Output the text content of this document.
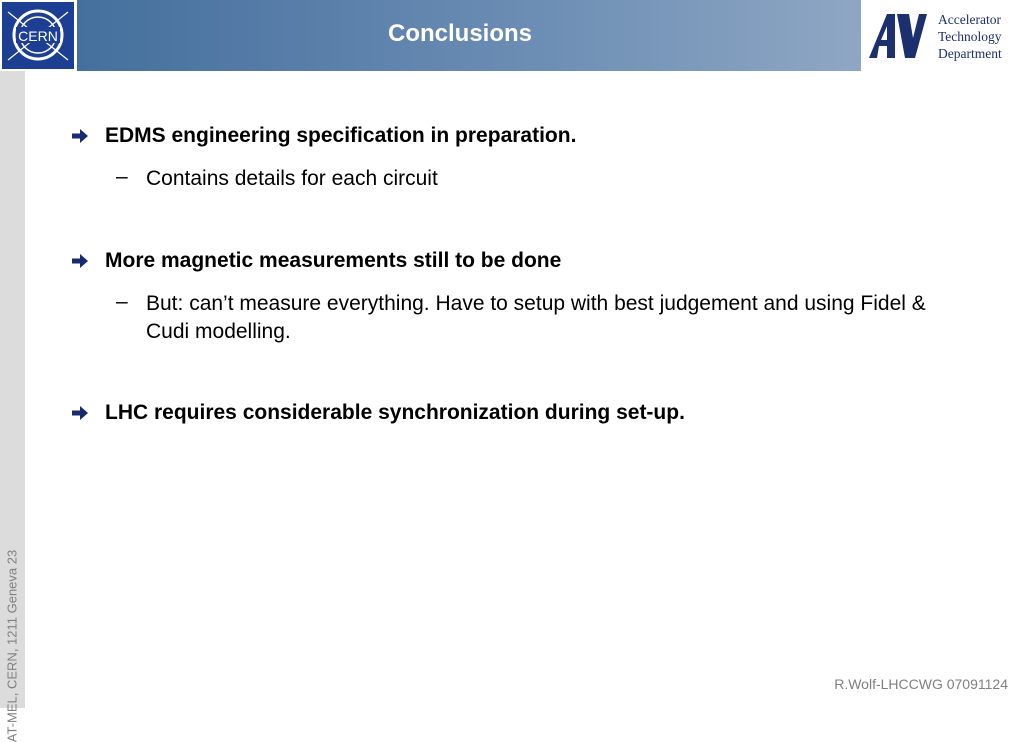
CERN	Conclusions
Accelerator
Technology
Department
AT-MEL, CERN, 1211 Geneva 23
EDMS engineering specification in preparation.
– Contains details for each circuit
More magnetic measurements still to be done
– But: can’t measure everything. Have to setup with best judgement and using Fidel & Cudi modelling.
LHC requires considerable synchronization during set-up.
R.Wolf-LHCCWG 07091124
